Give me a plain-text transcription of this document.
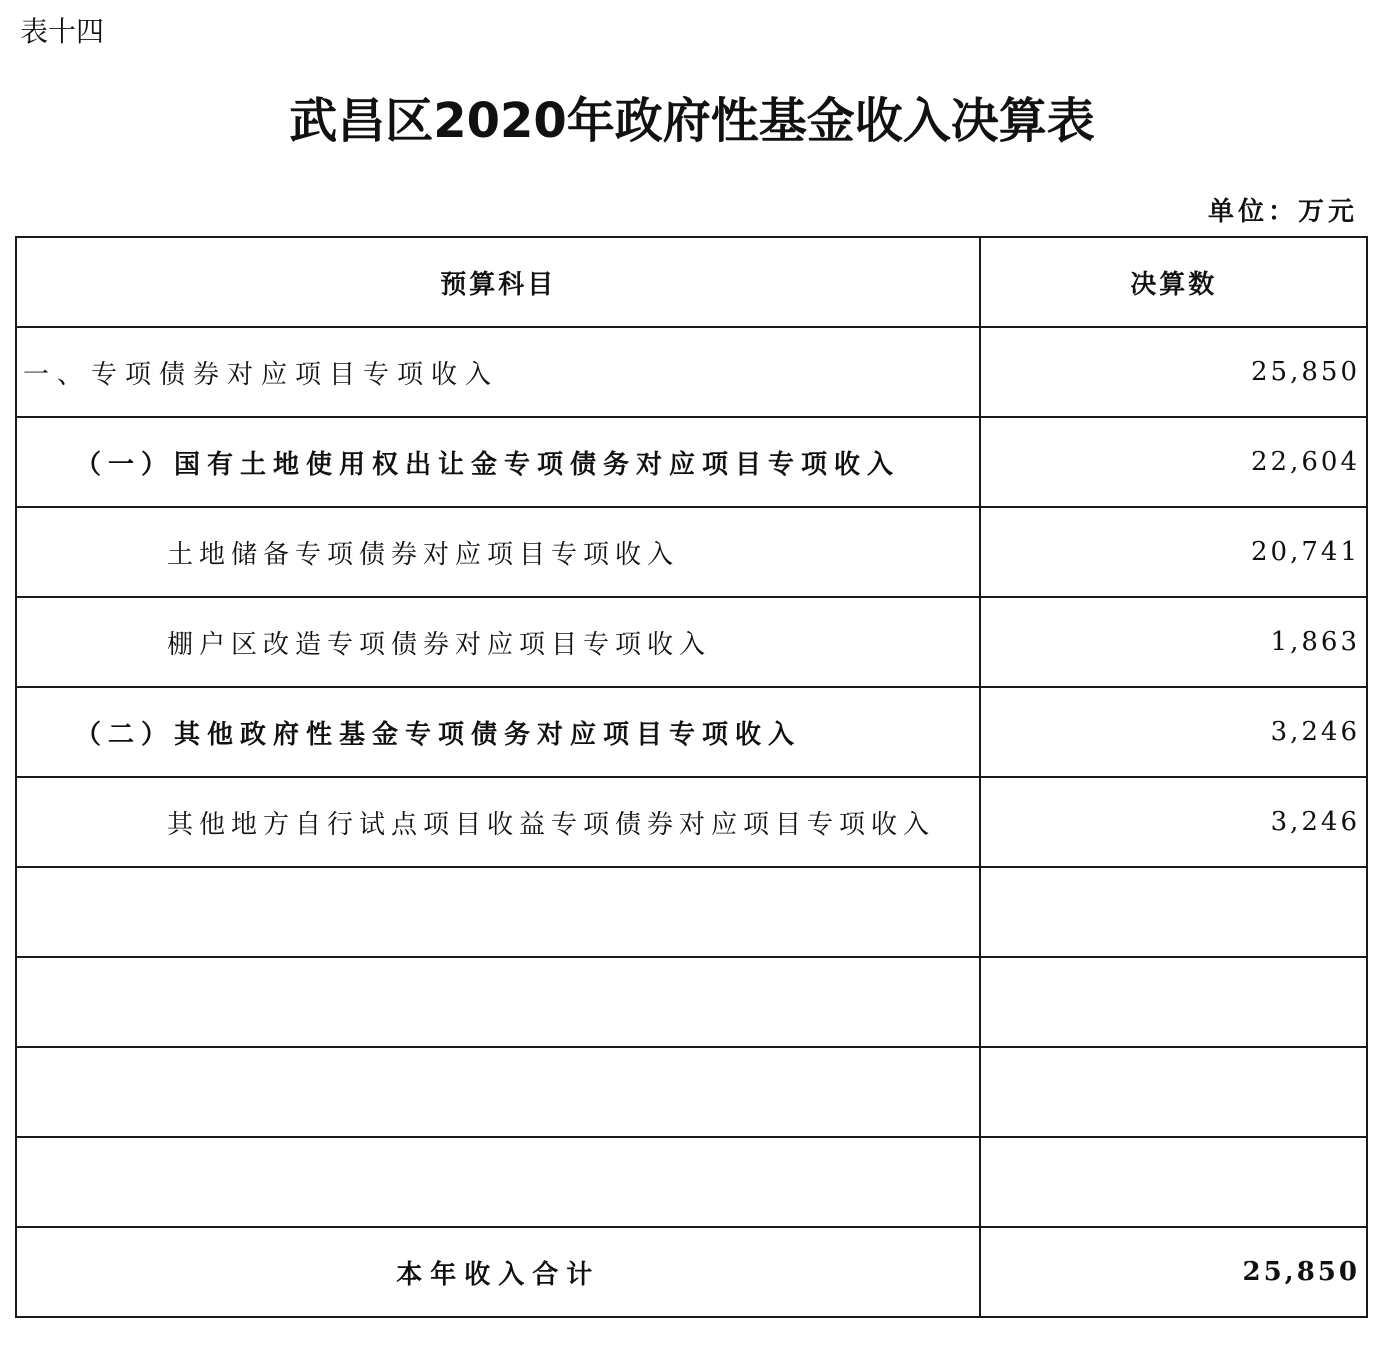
表十四
武昌区2020年政府性基金收入决算表
单位：万元
预算科目	决算数
一、专项债券对应项目专项收入	25,850
（一）国有土地使用权出让金专项债务对应项目专项收入	22,604
土地储备专项债券对应项目专项收入	20,741
棚户区改造专项债券对应项目专项收入	1,863
（二）其他政府性基金专项债务对应项目专项收入	3,246
其他地方自行试点项目收益专项债券对应项目专项收入	3,246

本年收入合计	25,850
